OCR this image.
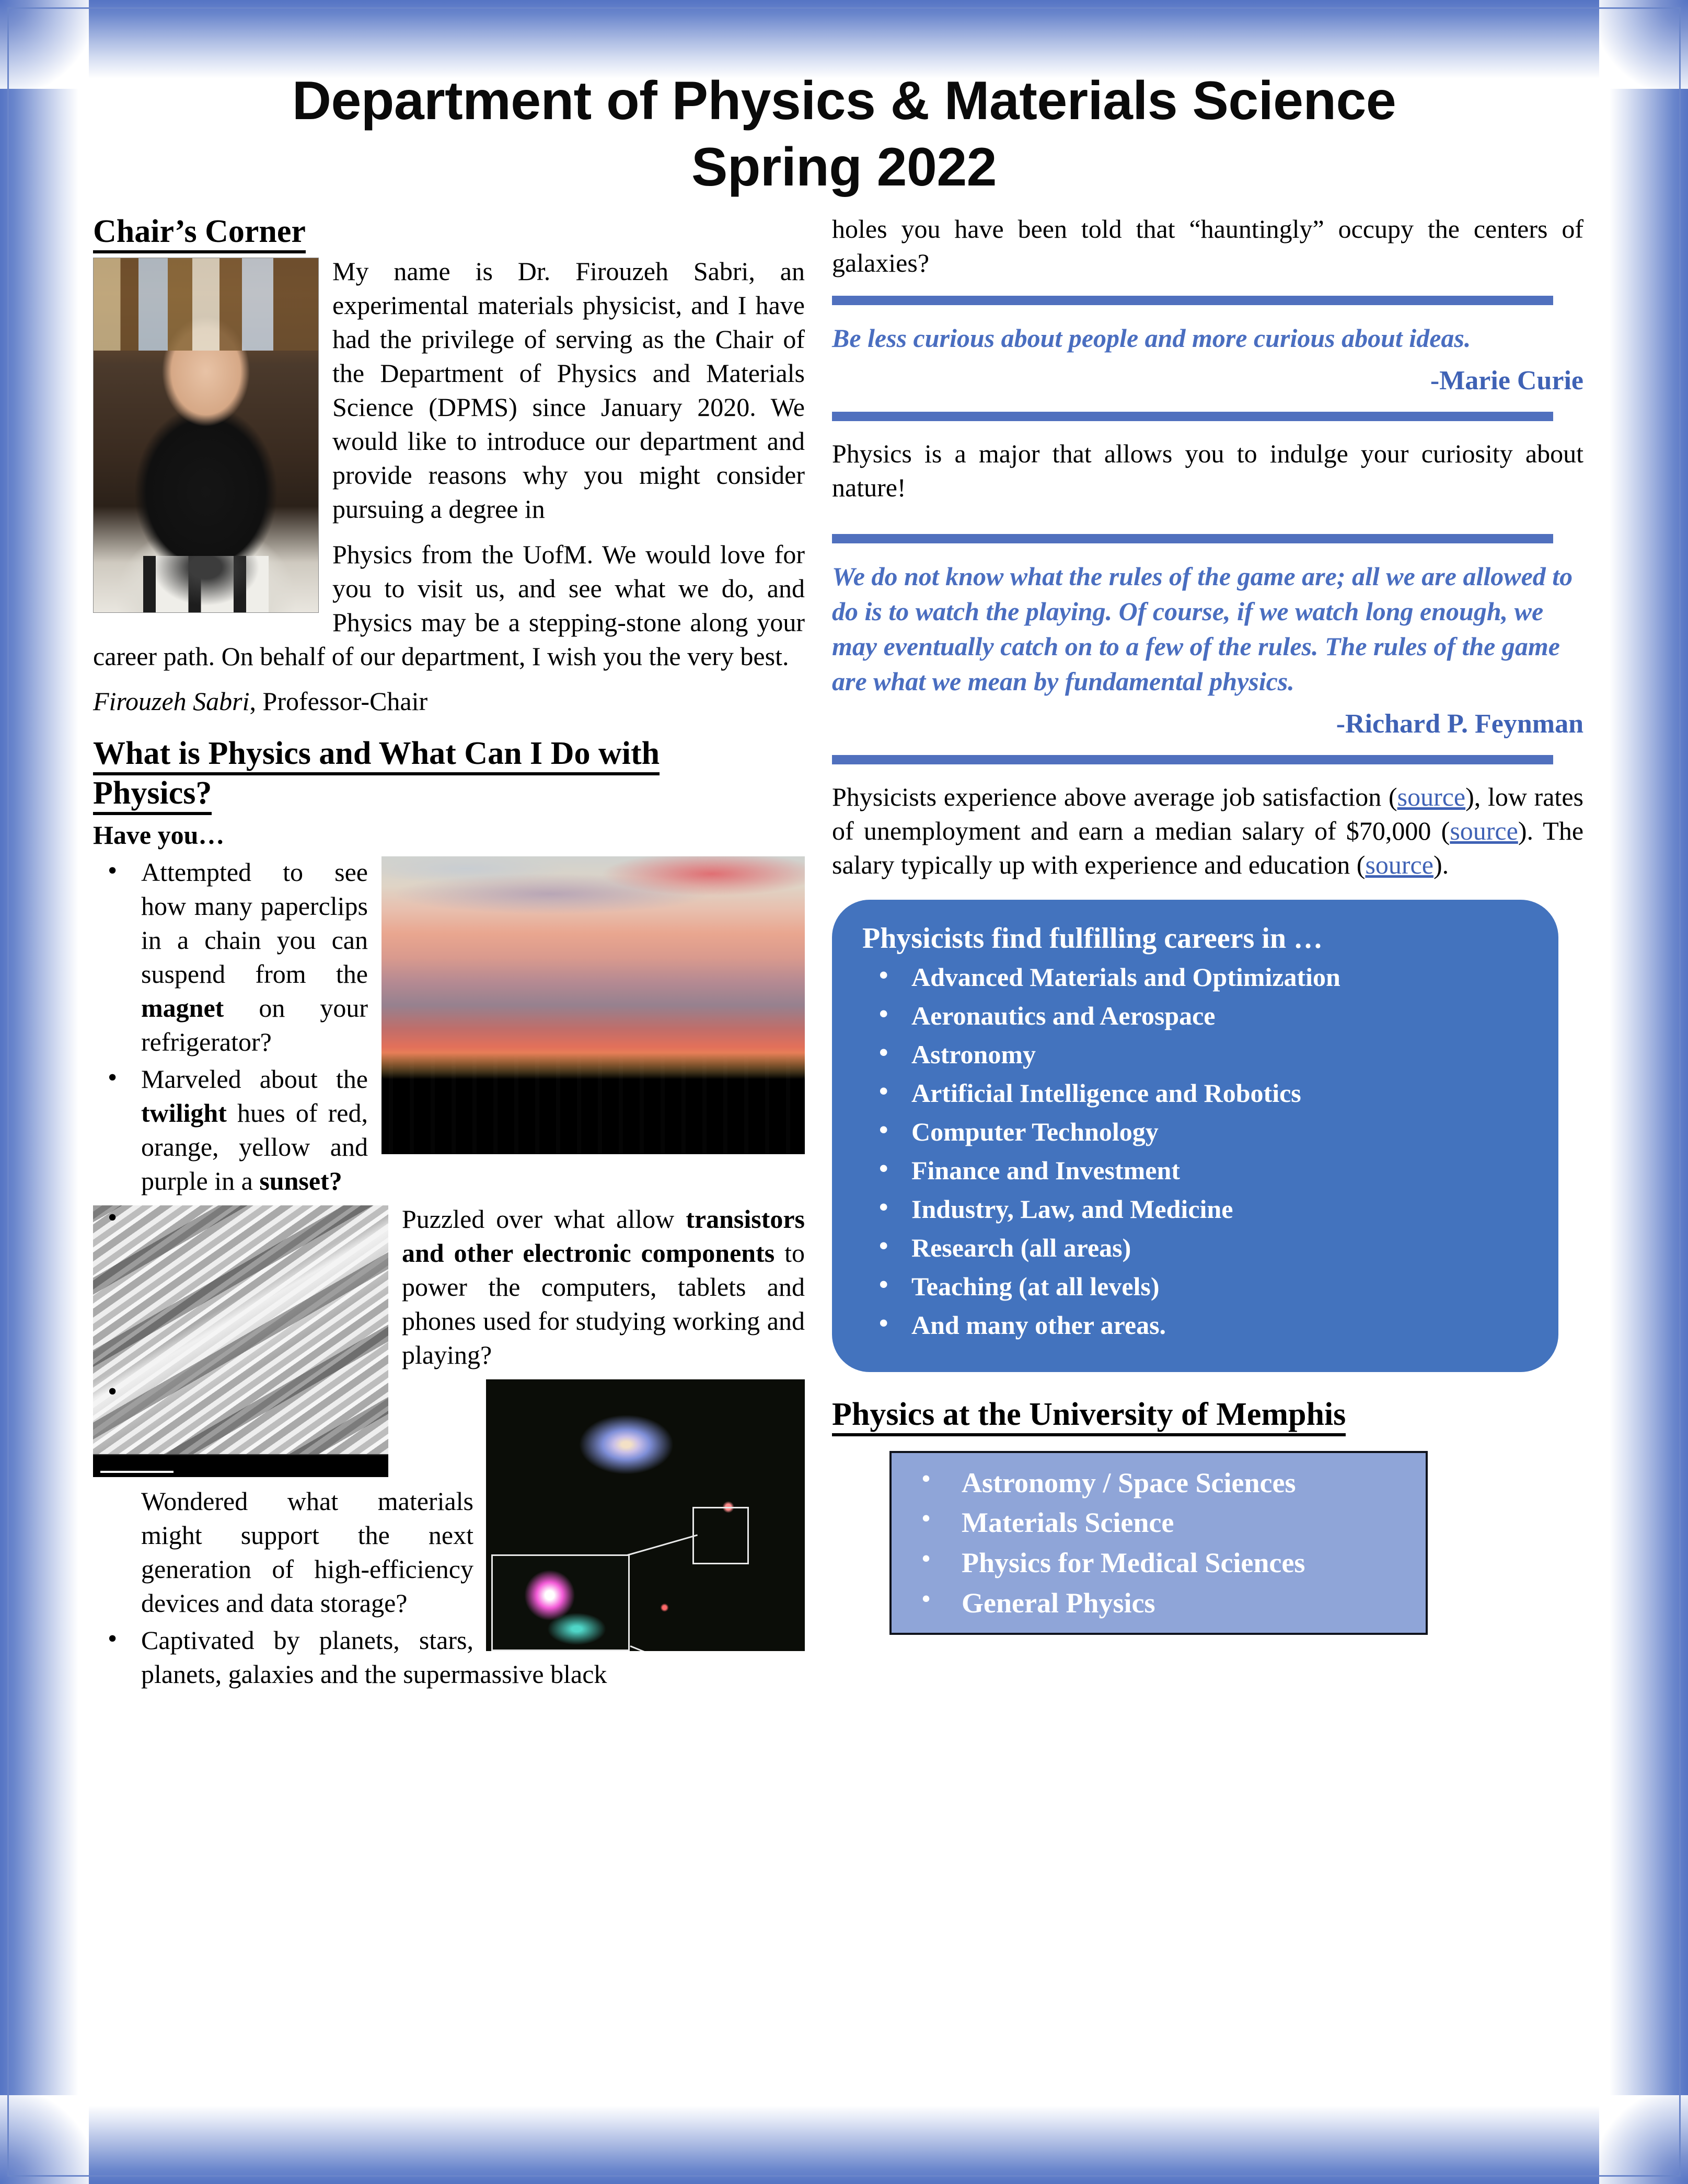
Department of Physics & Materials Science
Spring 2022
Chair’s Corner

My name is Dr. Firouzeh Sabri, an experimental materials physicist, and I have had the privilege of serving as the Chair of the Department of Physics and Materials Science (DPMS) since January 2020. We would like to introduce our department and provide reasons why you might consider pursuing a degree in

Physics from the UofM. We would love for you to visit us, and see what we do, and Physics may be a stepping-stone along your career path. On behalf of our department, I wish you the very best.

Firouzeh Sabri, Professor-Chair

What is Physics and What Can I Do with
Physics?
Have you…
• Attempted to see how many paperclips in a chain you can suspend from the magnet on your refrigerator?
• Marveled about the twilight hues of red, orange, yellow and purple in a sunset?
• Puzzled over what allow transistors and other electronic components to power the computers, tablets and phones used for studying working and playing?
• Wondered what materials might support the next generation of high-efficiency devices and data storage?
• Captivated by planets, stars, planets, galaxies and the supermassive black

holes you have been told that “hauntingly” occupy the centers of galaxies?

Be less curious about people and more curious about ideas.
-Marie Curie

Physics is a major that allows you to indulge your curiosity about nature!

We do not know what the rules of the game are; all we are allowed to do is to watch the playing. Of course, if we watch long enough, we may eventually catch on to a few of the rules. The rules of the game are what we mean by fundamental physics.
-Richard P. Feynman

Physicists experience above average job satisfaction (source), low rates of unemployment and earn a median salary of $70,000 (source). The salary typically up with experience and education (source).

Physicists find fulfilling careers in …
• Advanced Materials and Optimization
• Aeronautics and Aerospace
• Astronomy
• Artificial Intelligence and Robotics
• Computer Technology
• Finance and Investment
• Industry, Law, and Medicine
• Research (all areas)
• Teaching (at all levels)
• And many other areas.
Physics at the University of Memphis
• Astronomy / Space Sciences
• Materials Science
• Physics for Medical Sciences
• General Physics
